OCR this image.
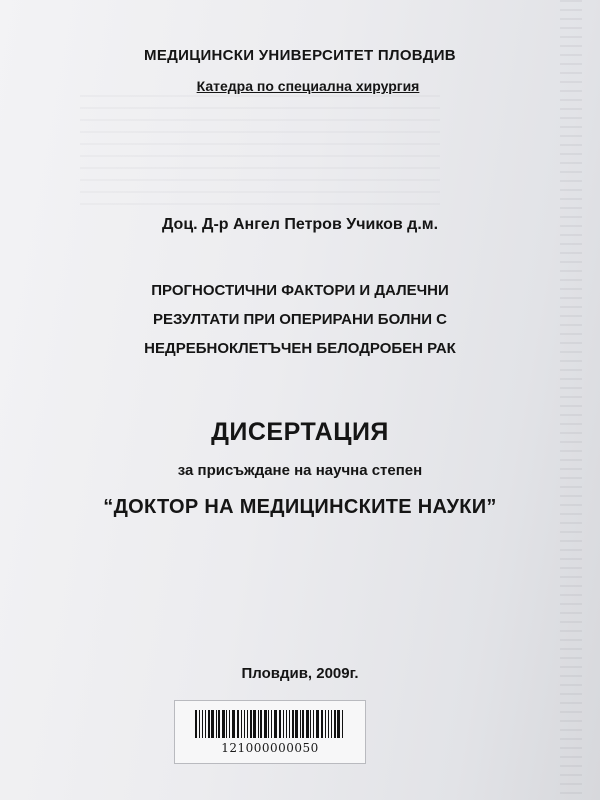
МЕДИЦИНСКИ УНИВЕРСИТЕТ ПЛОВДИВ
Катедра по специална хирургия
Доц. Д-р Ангел Петров Учиков д.м.
ПРОГНОСТИЧНИ ФАКТОРИ И ДАЛЕЧНИ
РЕЗУЛТАТИ ПРИ ОПЕРИРАНИ БОЛНИ С
НЕДРЕБНОКЛЕТЪЧЕН БЕЛОДРОБЕН РАК
ДИСЕРТАЦИЯ
за присъждане на научна степен
“ДОКТОР НА МЕДИЦИНСКИТЕ НАУКИ”
Пловдив, 2009г.
121000000050
